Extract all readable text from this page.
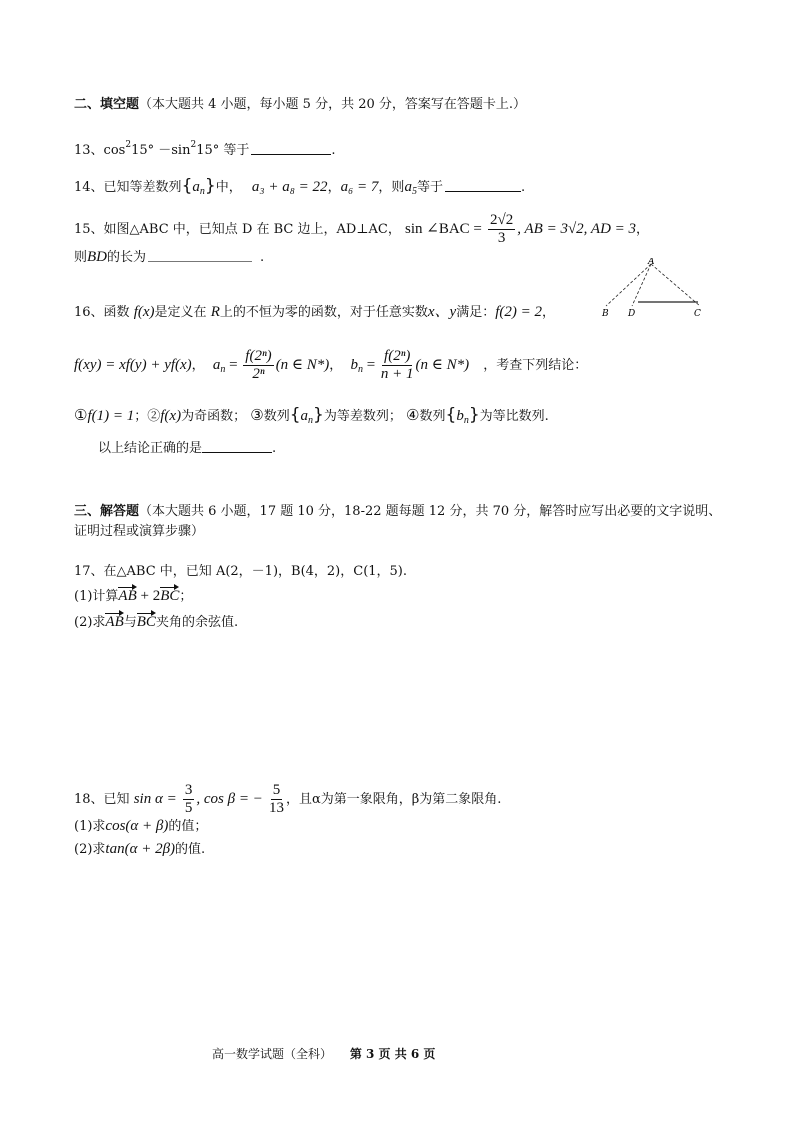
二、填空题（本大题共 4 小题，每小题 5 分，共 20 分，答案写在答题卡上.）
13、$\cos^215^\circ -\sin^215^\circ$ 等于	.
14、已知等差数列$\{a_n\}$中， a₃ + a₈ = 22，a₆ = 7，则$a_5$等于	.
15、如图△ABC 中，已知点 D 在 BC 边上，AD⊥AC， sin ∠BAC = $\frac{2√2}{3}$ , AB = 3√2, AD = 3，
则BD的长为	.	A
B D	C
16、函数 f(x)是定义在 R上的不恒为零的函数，对于任意实数x、y满足：f(2) = 2，
f(xy) = xf(y) + yf(x)， $a_n = \frac{\text{f(2ⁿ)}}{\text{2ⁿ}} (n$ ∈ N*)， $b_n = \frac{\text{f(2ⁿ)}}{n + 1} (n$ ∈ N*) ，考查下列结论：
①f(1) = 1；②f(x)为奇函数； ③数列$\{a_n\}$为等差数列； ④数列$\{b_n\}$为等比数列.
以上结论正确的是	.
三、解答题（本大题共 6 小题，17 题 10 分，18-22 题每题 12 分，共 70 分，解答时应写出必要的文字说明、
证明过程或演算步骤）
17、在△ABC 中，已知 A(2，－1)，B(4，2)，C(1，5).
(1)计算AB + 2BC；
(2)求AB与BC夹角的余弦值.
18、已知 $\sin \alpha = \frac{3}{5}$ , cos β = − $\frac{5}{13}$ ，且α为第一象限角，β为第二象限角.
(1)求cos(α + β)的值；
(2)求tan(α + 2β)的值.
高一数学试题（全科） 第 3 页 共 6 页
